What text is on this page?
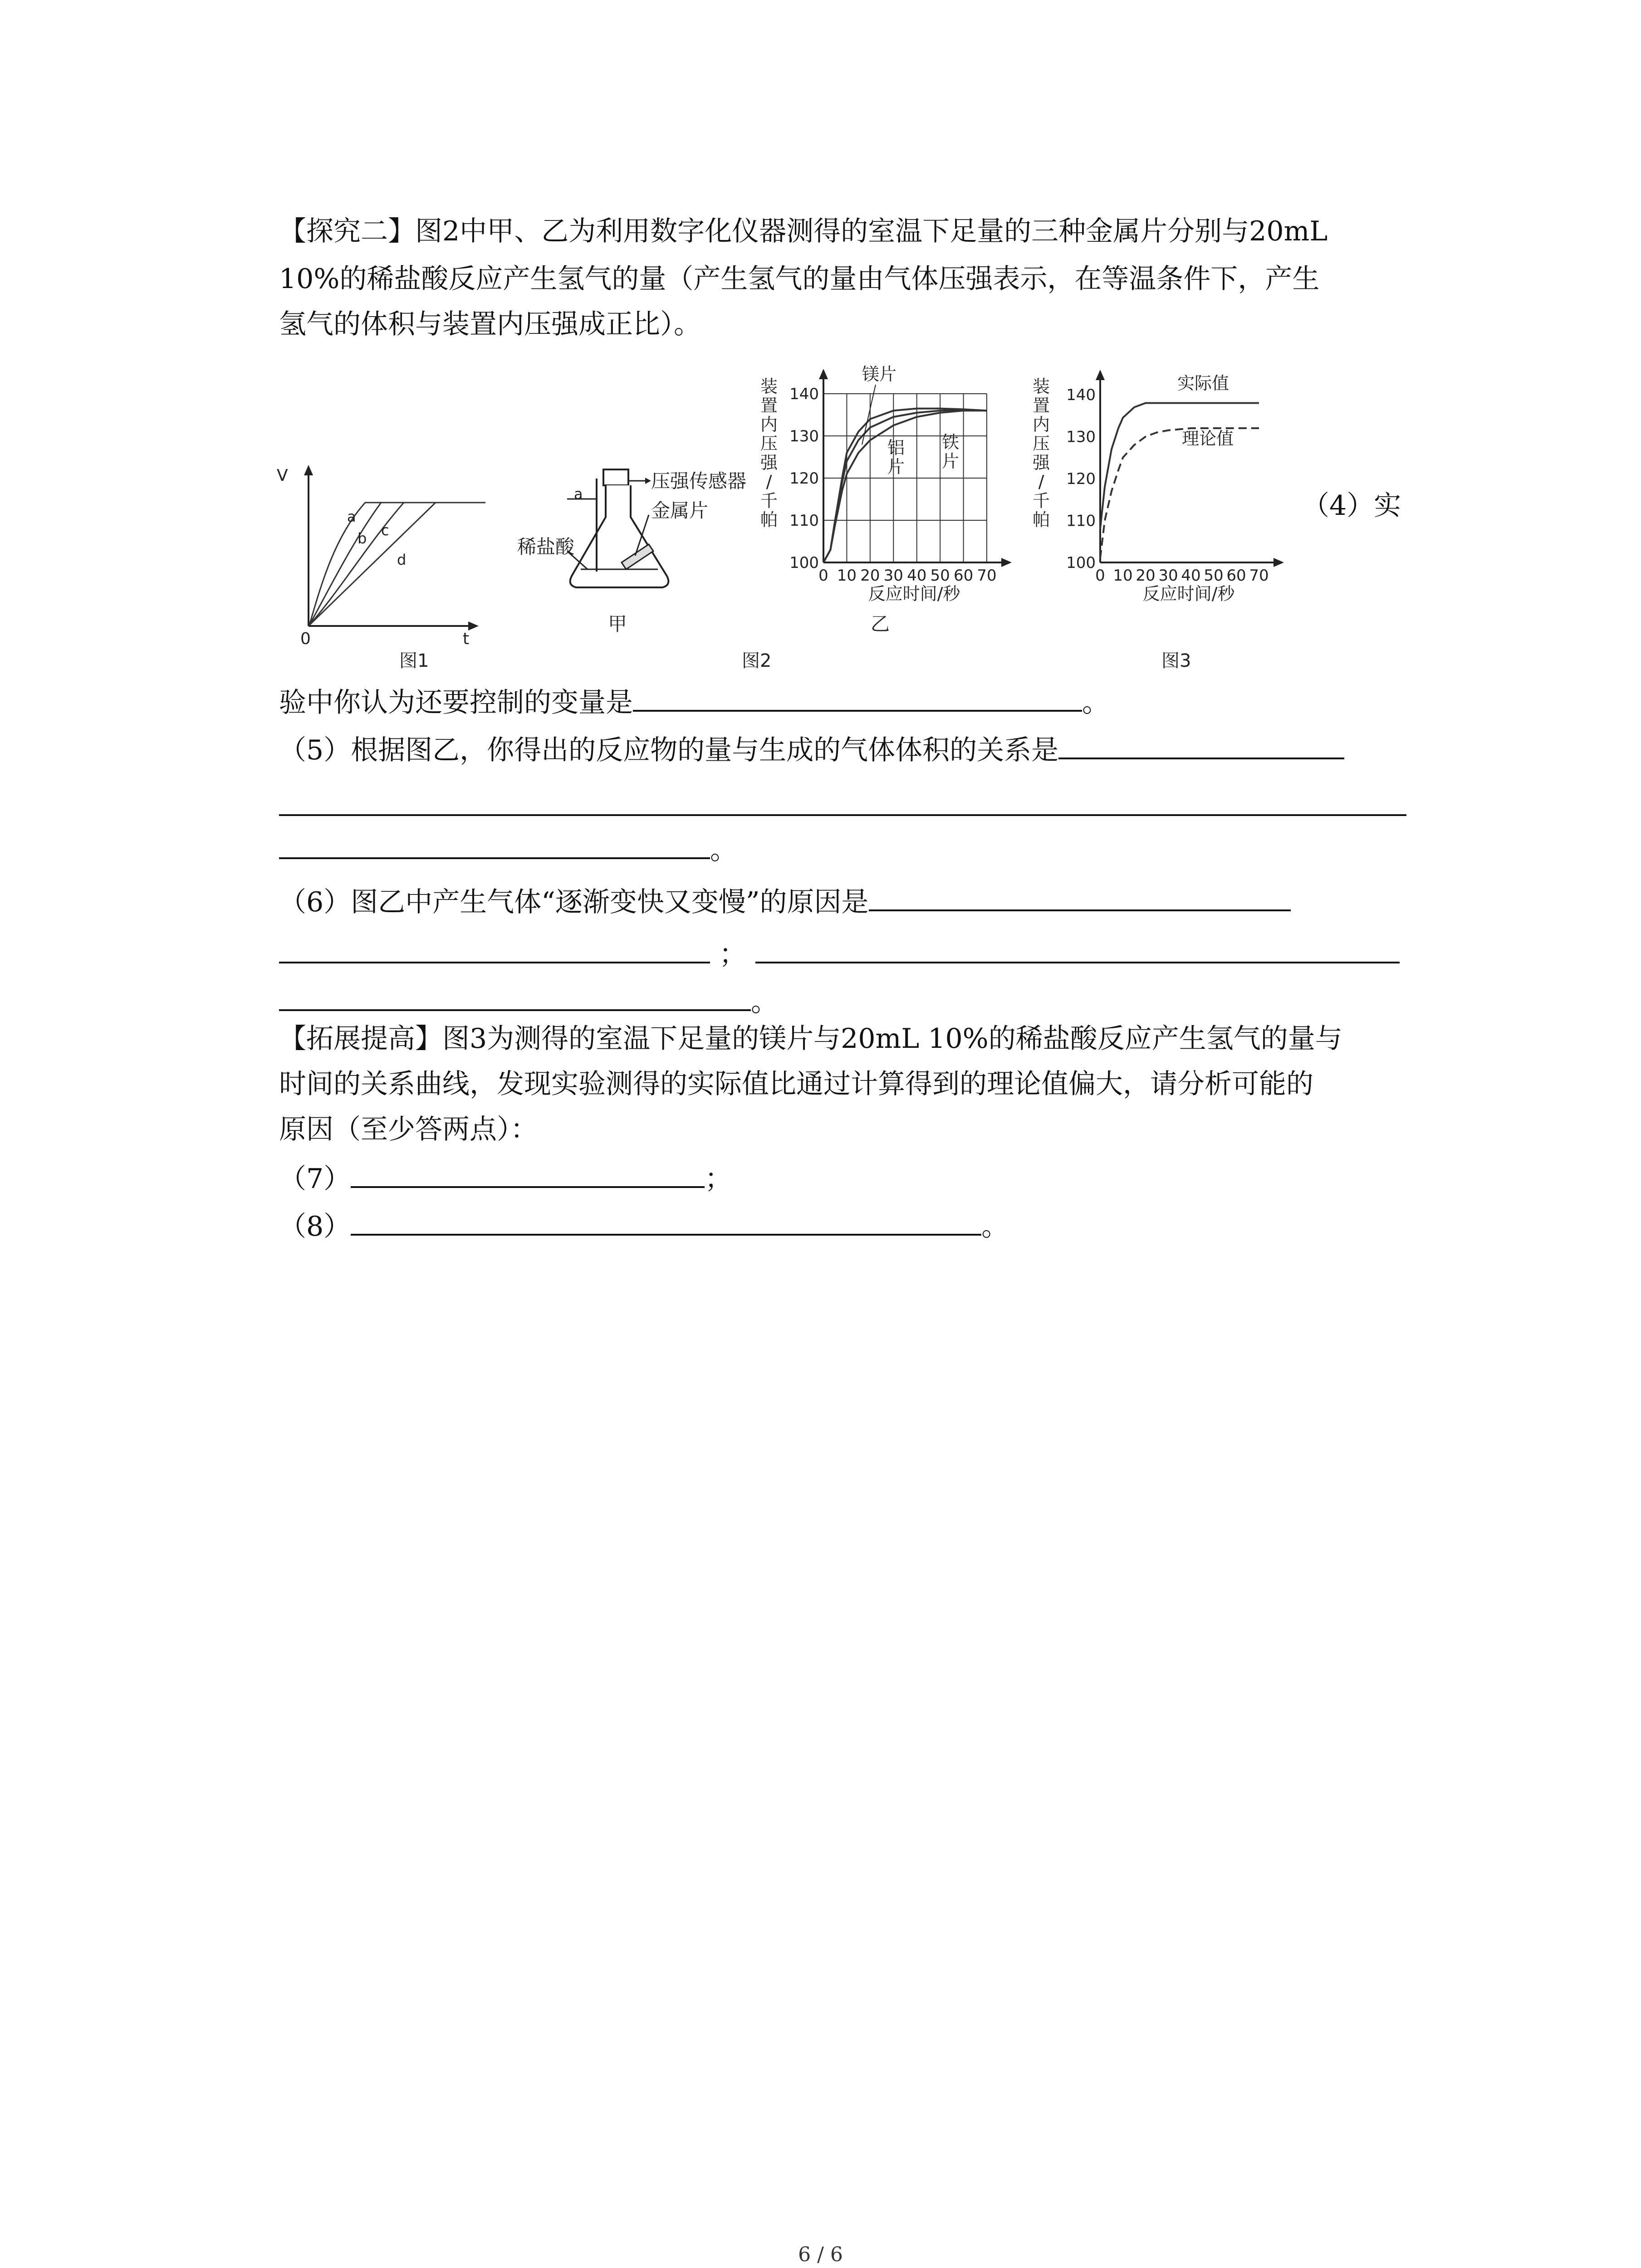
【探究二】图2中甲、乙为利用数字化仪器测得的室温下足量的三种金属片分别与20mL
10%的稀盐酸反应产生氢气的量（产生氢气的量由气体压强表示，在等温条件下，产生
氢气的体积与装置内压强成正比）。
V
t
0
a
b c
d
图1
压强传感器
金属片
稀盐酸
a
甲
装
置
内
压
强
/
千
帕
100
110
120
130
140
0 10 20 30 40 50 60 70
反应时间/秒
镁片
铝
片
铁
片
乙
图2
装
置
内
压
强
/
千
帕
100
110
120
130
140
0 10 20 30 40 50 60 70
反应时间/秒
实际值
理论值
图3
（4）实
验中你认为还要控制的变量是	。
（5）根据图乙，你得出的反应物的量与生成的气体体积的关系是
。
（6）图乙中产生气体“逐渐变快又变慢”的原因是
；
。
【拓展提高】图3为测得的室温下足量的镁片与20mL 10%的稀盐酸反应产生氢气的量与
时间的关系曲线，发现实验测得的实际值比通过计算得到的理论值偏大，请分析可能的
原因（至少答两点）：
（7）	；
（8）	。
6 / 6
